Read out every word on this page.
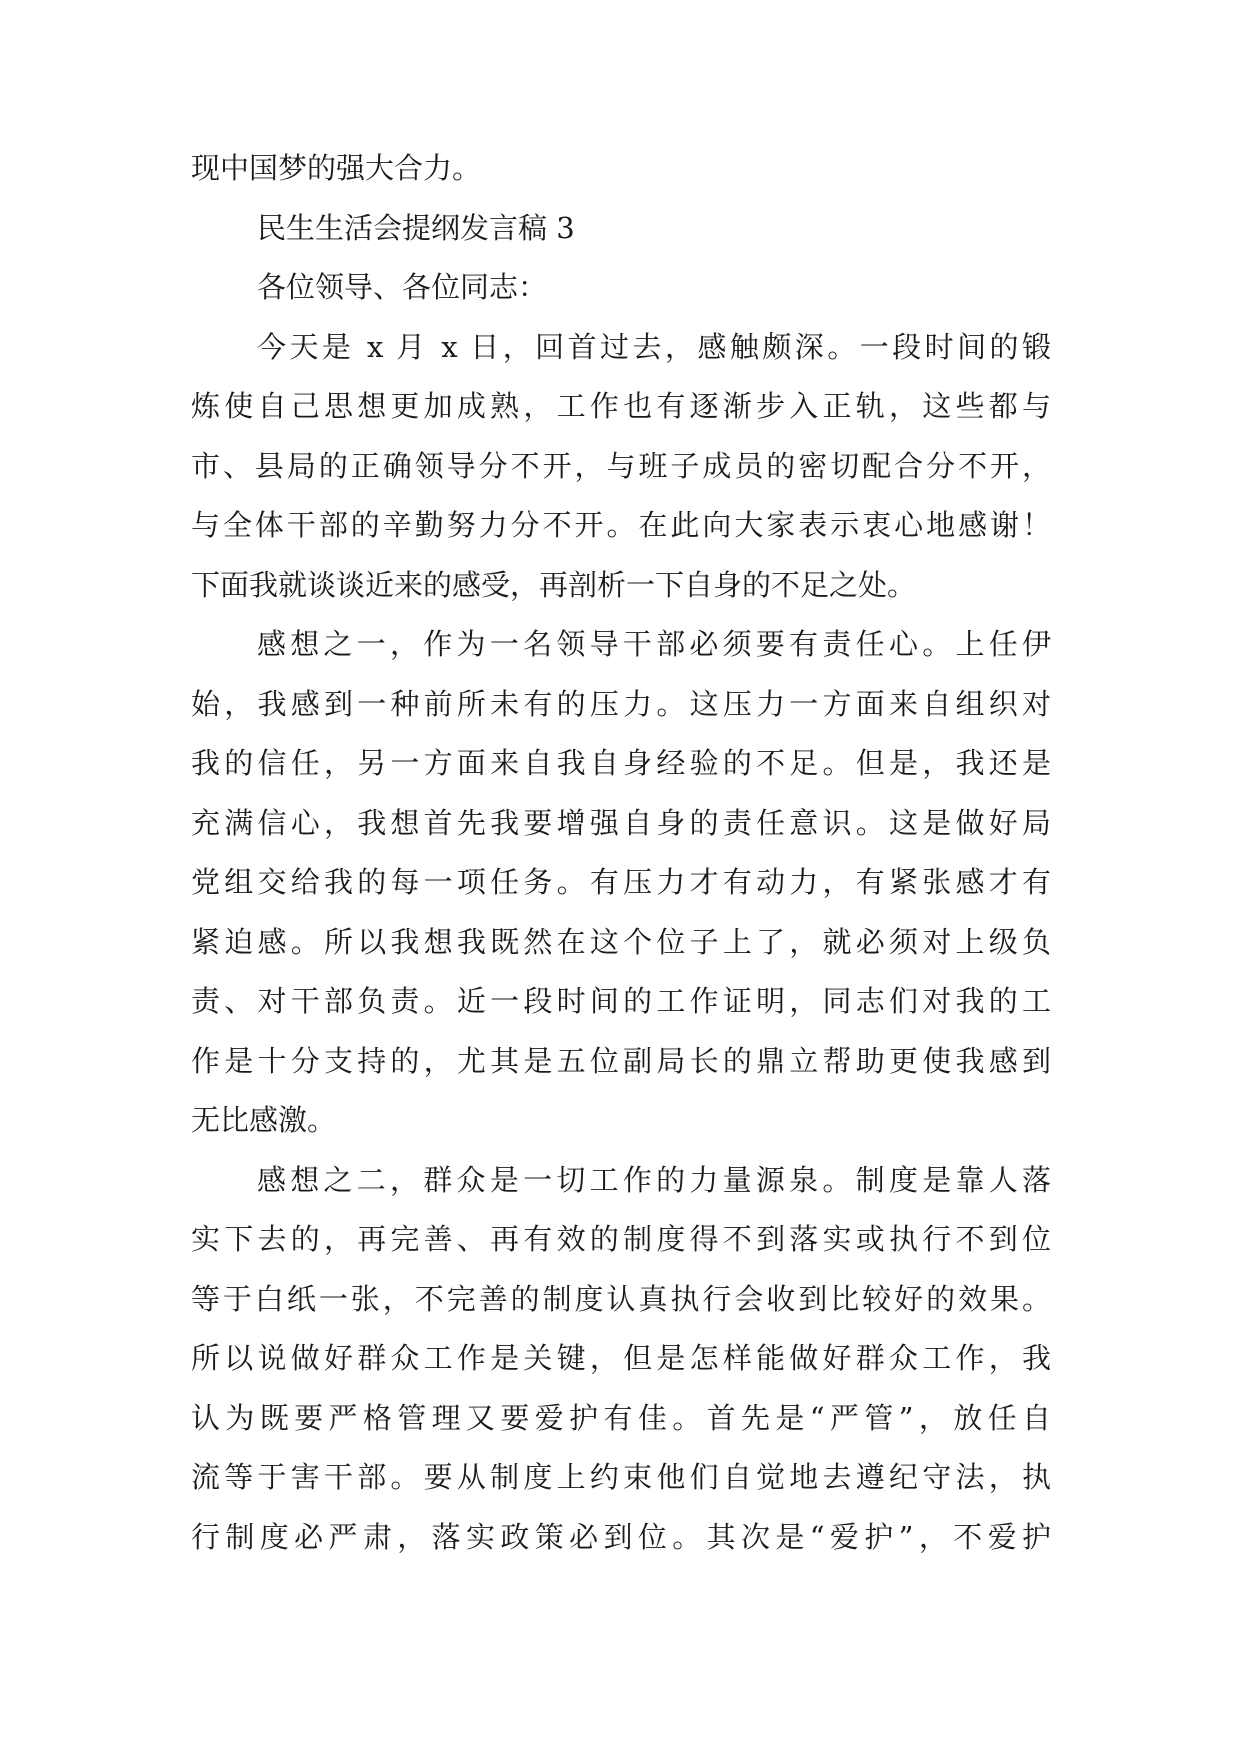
现中国梦的强大合力。
民生生活会提纲发言稿 3
各位领导、各位同志：
今天是 x 月 x 日，回首过去，感触颇深。一段时间的锻
炼使自己思想更加成熟，工作也有逐渐步入正轨，这些都与
市、县局的正确领导分不开，与班子成员的密切配合分不开，
与全体干部的辛勤努力分不开。在此向大家表示衷心地感谢！
下面我就谈谈近来的感受，再剖析一下自身的不足之处。
感想之一，作为一名领导干部必须要有责任心。上任伊
始，我感到一种前所未有的压力。这压力一方面来自组织对
我的信任，另一方面来自我自身经验的不足。但是，我还是
充满信心，我想首先我要增强自身的责任意识。这是做好局
党组交给我的每一项任务。有压力才有动力，有紧张感才有
紧迫感。所以我想我既然在这个位子上了，就必须对上级负
责、对干部负责。近一段时间的工作证明，同志们对我的工
作是十分支持的，尤其是五位副局长的鼎立帮助更使我感到
无比感激。
感想之二，群众是一切工作的力量源泉。制度是靠人落
实下去的，再完善、再有效的制度得不到落实或执行不到位
等于白纸一张，不完善的制度认真执行会收到比较好的效果。
所以说做好群众工作是关键，但是怎样能做好群众工作，我
认为既要严格管理又要爱护有佳。首先是“严管”，放任自
流等于害干部。要从制度上约束他们自觉地去遵纪守法，执
行制度必严肃，落实政策必到位。其次是“爱护”，不爱护
